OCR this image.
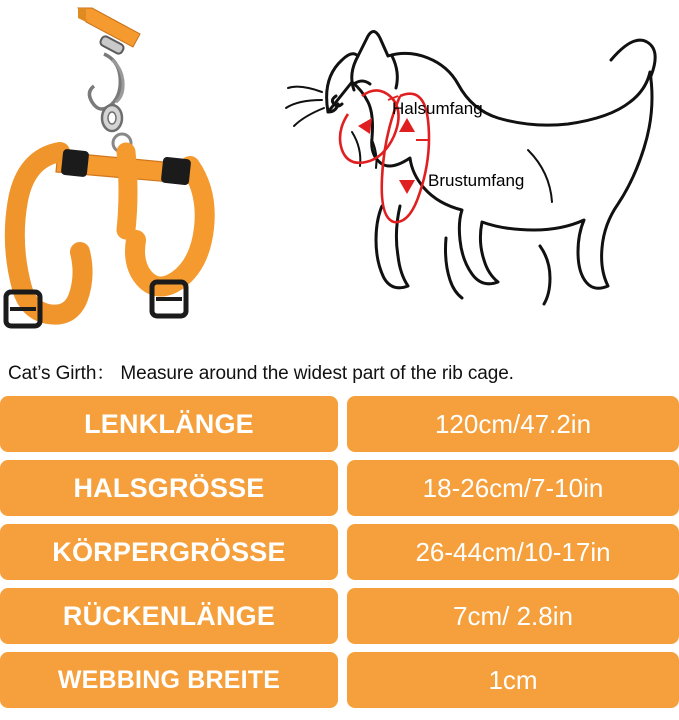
Halsumfang
Brustumfang
Cat’s Girth： Measure around the widest part of the rib cage.
LENKLÄNGE	120cm/47.2in
HALSGRÖSSE	18-26cm/7-10in
KÖRPERGRÖSSE	26-44cm/10-17in
RÜCKENLÄNGE	7cm/ 2.8in
WEBBING BREITE	1cm
